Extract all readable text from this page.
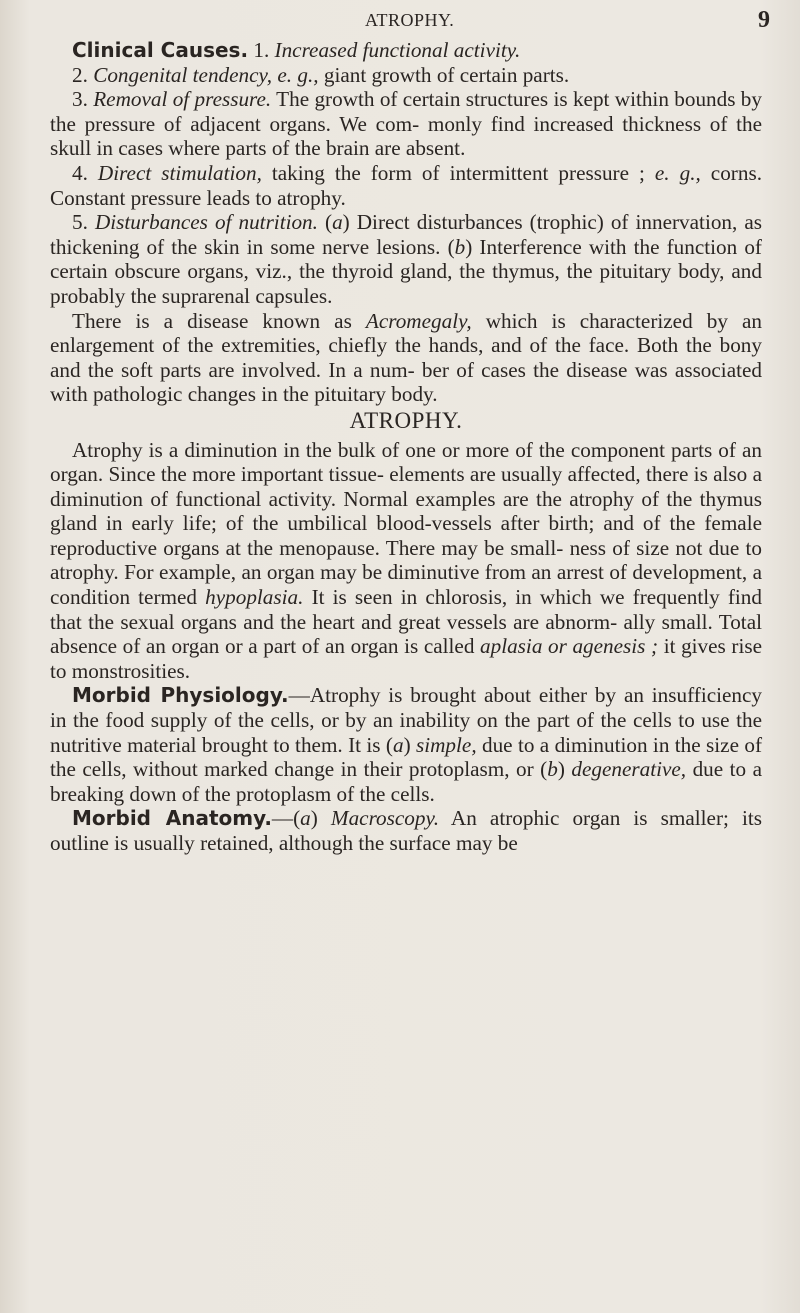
ATROPHY.	9

Clinical Causes. 1. Increased functional activity.

2. Congenital tendency, e. g., giant growth of certain parts.

3. Removal of pressure. The growth of certain structures is kept within bounds by the pressure of adjacent organs. We com- monly find increased thickness of the skull in cases where parts of the brain are absent.

4. Direct stimulation, taking the form of intermittent pressure ; e. g., corns. Constant pressure leads to atrophy.

5. Disturbances of nutrition. (a) Direct disturbances (trophic) of innervation, as thickening of the skin in some nerve lesions. (b) Interference with the function of certain obscure organs, viz., the thyroid gland, the thymus, the pituitary body, and probably the suprarenal capsules.

There is a disease known as Acromegaly, which is characterized by an enlargement of the extremities, chiefly the hands, and of the face. Both the bony and the soft parts are involved. In a num- ber of cases the disease was associated with pathologic changes in the pituitary body.

ATROPHY.

Atrophy is a diminution in the bulk of one or more of the component parts of an organ. Since the more important tissue- elements are usually affected, there is also a diminution of functional activity. Normal examples are the atrophy of the thymus gland in early life; of the umbilical blood-vessels after birth; and of the female reproductive organs at the menopause. There may be small- ness of size not due to atrophy. For example, an organ may be diminutive from an arrest of development, a condition termed hypoplasia. It is seen in chlorosis, in which we frequently find that the sexual organs and the heart and great vessels are abnorm- ally small. Total absence of an organ or a part of an organ is called aplasia or agenesis ; it gives rise to monstrosities.

Morbid Physiology.—Atrophy is brought about either by an insufficiency in the food supply of the cells, or by an inability on the part of the cells to use the nutritive material brought to them. It is (a) simple, due to a diminution in the size of the cells, without marked change in their protoplasm, or (b) degenerative, due to a breaking down of the protoplasm of the cells.

Morbid Anatomy.—(a) Macroscopy. An atrophic organ is smaller; its outline is usually retained, although the surface may be
